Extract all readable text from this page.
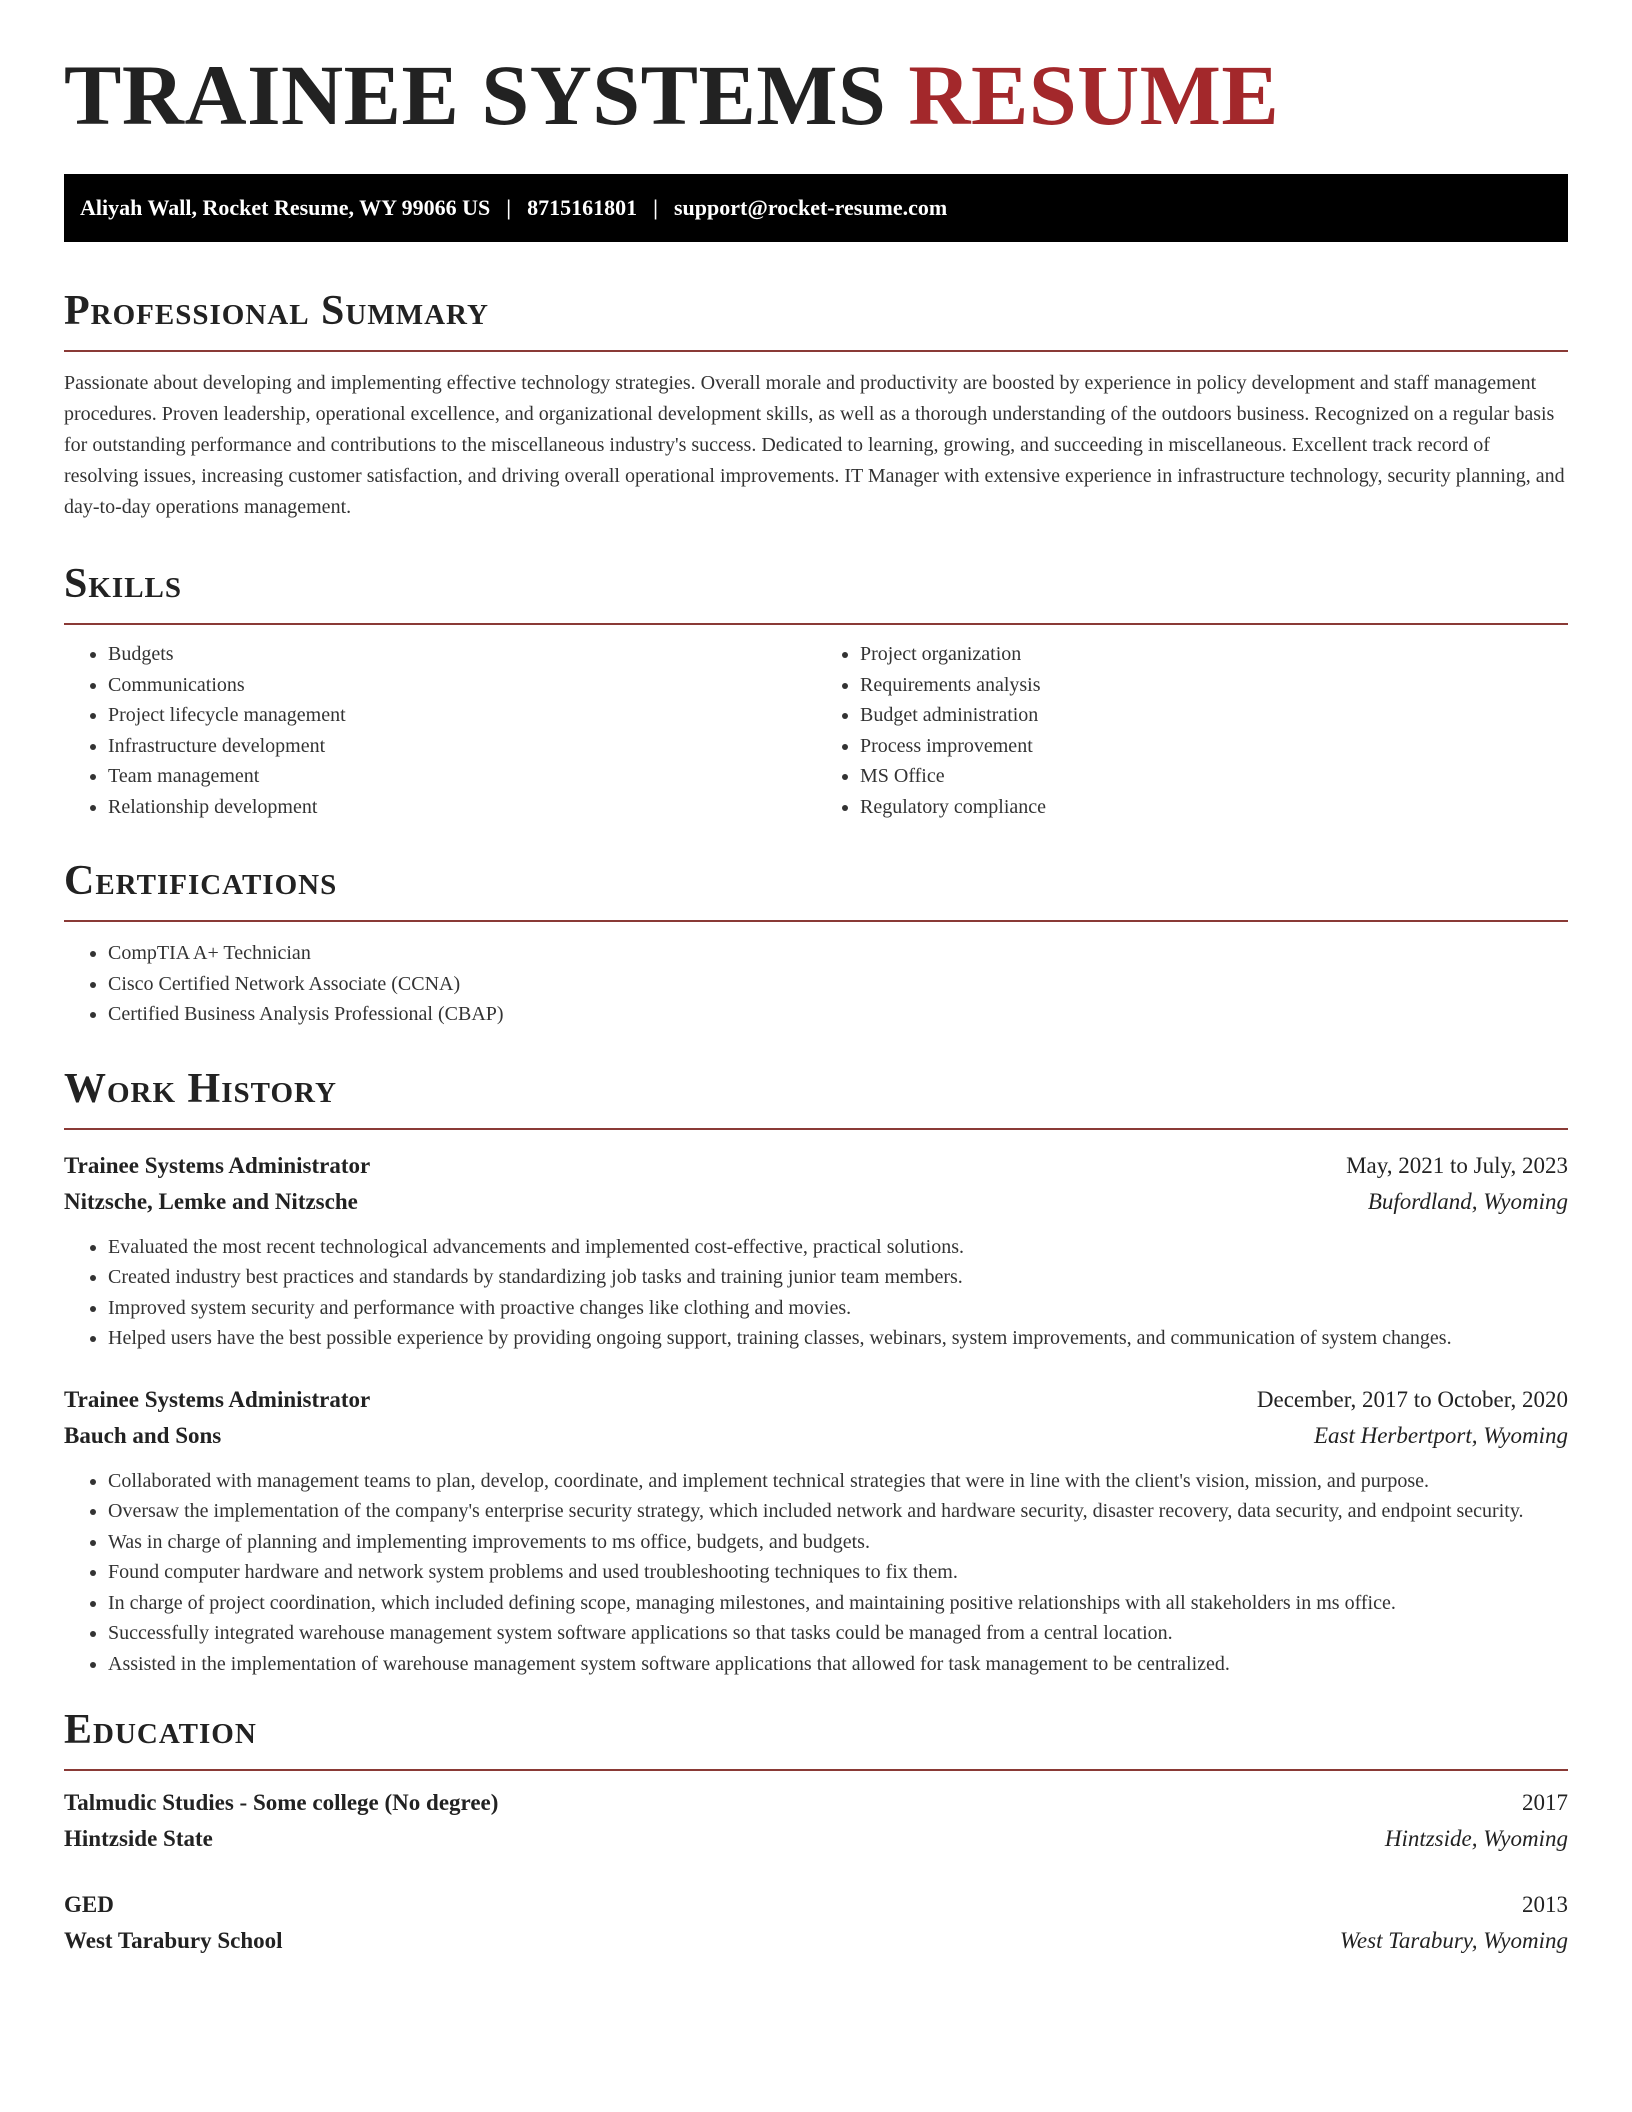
TRAINEE SYSTEMS RESUME
Aliyah Wall, Rocket Resume, WY 99066 US | 8715161801 | support@rocket-resume.com
Professional Summary

Passionate about developing and implementing effective technology strategies. Overall morale and productivity are boosted by experience in policy development and staff management procedures. Proven leadership, operational excellence, and organizational development skills, as well as a thorough understanding of the outdoors business. Recognized on a regular basis for outstanding performance and contributions to the miscellaneous industry's success. Dedicated to learning, growing, and succeeding in miscellaneous. Excellent track record of resolving issues, increasing customer satisfaction, and driving overall operational improvements. IT Manager with extensive experience in infrastructure technology, security planning, and day-to-day operations management.

Skills
• Budgets
• Communications
• Project lifecycle management
• Infrastructure development
• Team management
• Relationship development
• Project organization
• Requirements analysis
• Budget administration
• Process improvement
• MS Office
• Regulatory compliance
Certifications
• CompTIA A+ Technician
• Cisco Certified Network Associate (CCNA)
• Certified Business Analysis Professional (CBAP)
Work History
Trainee Systems Administrator	May, 2021 to July, 2023
Nitzsche, Lemke and Nitzsche	Bufordland, Wyoming
• Evaluated the most recent technological advancements and implemented cost-effective, practical solutions.
• Created industry best practices and standards by standardizing job tasks and training junior team members.
• Improved system security and performance with proactive changes like clothing and movies.
• Helped users have the best possible experience by providing ongoing support, training classes, webinars, system improvements, and communication of system changes.
Trainee Systems Administrator	December, 2017 to October, 2020
Bauch and Sons	East Herbertport, Wyoming
• Collaborated with management teams to plan, develop, coordinate, and implement technical strategies that were in line with the client's vision, mission, and purpose.
• Oversaw the implementation of the company's enterprise security strategy, which included network and hardware security, disaster recovery, data security, and endpoint security.
• Was in charge of planning and implementing improvements to ms office, budgets, and budgets.
• Found computer hardware and network system problems and used troubleshooting techniques to fix them.
• In charge of project coordination, which included defining scope, managing milestones, and maintaining positive relationships with all stakeholders in ms office.
• Successfully integrated warehouse management system software applications so that tasks could be managed from a central location.
• Assisted in the implementation of warehouse management system software applications that allowed for task management to be centralized.
Education
Talmudic Studies - Some college (No degree)	2017
Hintzside State	Hintzside, Wyoming
GED	2013
West Tarabury School	West Tarabury, Wyoming
